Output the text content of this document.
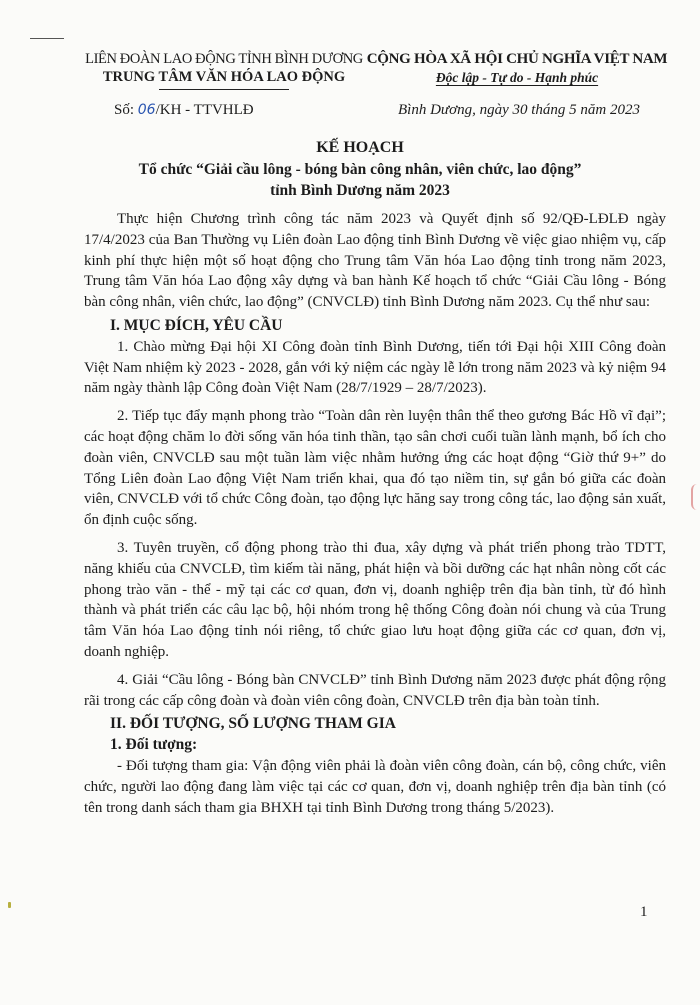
LIÊN ĐOÀN LAO ĐỘNG TỈNH BÌNH DƯƠNG
TRUNG TÂM VĂN HÓA LAO ĐỘNG
CỘNG HÒA XÃ HỘI CHỦ NGHĨA VIỆT NAM
Độc lập - Tự do - Hạnh phúc
Số: 06/KH - TTVHLĐ	Bình Dương, ngày 30 tháng 5 năm 2023
KẾ HOẠCH
Tổ chức “Giải cầu lông - bóng bàn công nhân, viên chức, lao động”
tỉnh Bình Dương năm 2023

Thực hiện Chương trình công tác năm 2023 và Quyết định số 92/QĐ-LĐLĐ ngày 17/4/2023 của Ban Thường vụ Liên đoàn Lao động tỉnh Bình Dương về việc giao nhiệm vụ, cấp kinh phí thực hiện một số hoạt động cho Trung tâm Văn hóa Lao động tỉnh trong năm 2023, Trung tâm Văn hóa Lao động xây dựng và ban hành Kế hoạch tổ chức “Giải Cầu lông - Bóng bàn công nhân, viên chức, lao động” (CNVCLĐ) tỉnh Bình Dương năm 2023. Cụ thể như sau:

I. MỤC ĐÍCH, YÊU CẦU

1. Chào mừng Đại hội XI Công đoàn tỉnh Bình Dương, tiến tới Đại hội XIII Công đoàn Việt Nam nhiệm kỳ 2023 - 2028, gắn với kỷ niệm các ngày lễ lớn trong năm 2023 và kỷ niệm 94 năm ngày thành lập Công đoàn Việt Nam (28/7/1929 – 28/7/2023).

2. Tiếp tục đẩy mạnh phong trào “Toàn dân rèn luyện thân thể theo gương Bác Hồ vĩ đại”; các hoạt động chăm lo đời sống văn hóa tinh thần, tạo sân chơi cuối tuần lành mạnh, bổ ích cho đoàn viên, CNVCLĐ sau một tuần làm việc nhằm hưởng ứng các hoạt động “Giờ thứ 9+” do Tổng Liên đoàn Lao động Việt Nam triển khai, qua đó tạo niềm tin, sự gắn bó giữa các đoàn viên, CNVCLĐ với tổ chức Công đoàn, tạo động lực hăng say trong công tác, lao động sản xuất, ổn định cuộc sống.

3. Tuyên truyền, cổ động phong trào thi đua, xây dựng và phát triển phong trào TDTT, năng khiếu của CNVCLĐ, tìm kiếm tài năng, phát hiện và bồi dưỡng các hạt nhân nòng cốt các phong trào văn - thể - mỹ tại các cơ quan, đơn vị, doanh nghiệp trên địa bàn tỉnh, từ đó hình thành và phát triển các câu lạc bộ, hội nhóm trong hệ thống Công đoàn nói chung và của Trung tâm Văn hóa Lao động tỉnh nói riêng, tổ chức giao lưu hoạt động giữa các cơ quan, đơn vị, doanh nghiệp.

4. Giải “Cầu lông - Bóng bàn CNVCLĐ” tỉnh Bình Dương năm 2023 được phát động rộng rãi trong các cấp công đoàn và đoàn viên công đoàn, CNVCLĐ trên địa bàn toàn tỉnh.

II. ĐỐI TƯỢNG, SỐ LƯỢNG THAM GIA

1. Đối tượng:

- Đối tượng tham gia: Vận động viên phải là đoàn viên công đoàn, cán bộ, công chức, viên chức, người lao động đang làm việc tại các cơ quan, đơn vị, doanh nghiệp trên địa bàn tỉnh (có tên trong danh sách tham gia BHXH tại tỉnh Bình Dương trong tháng 5/2023).

1
